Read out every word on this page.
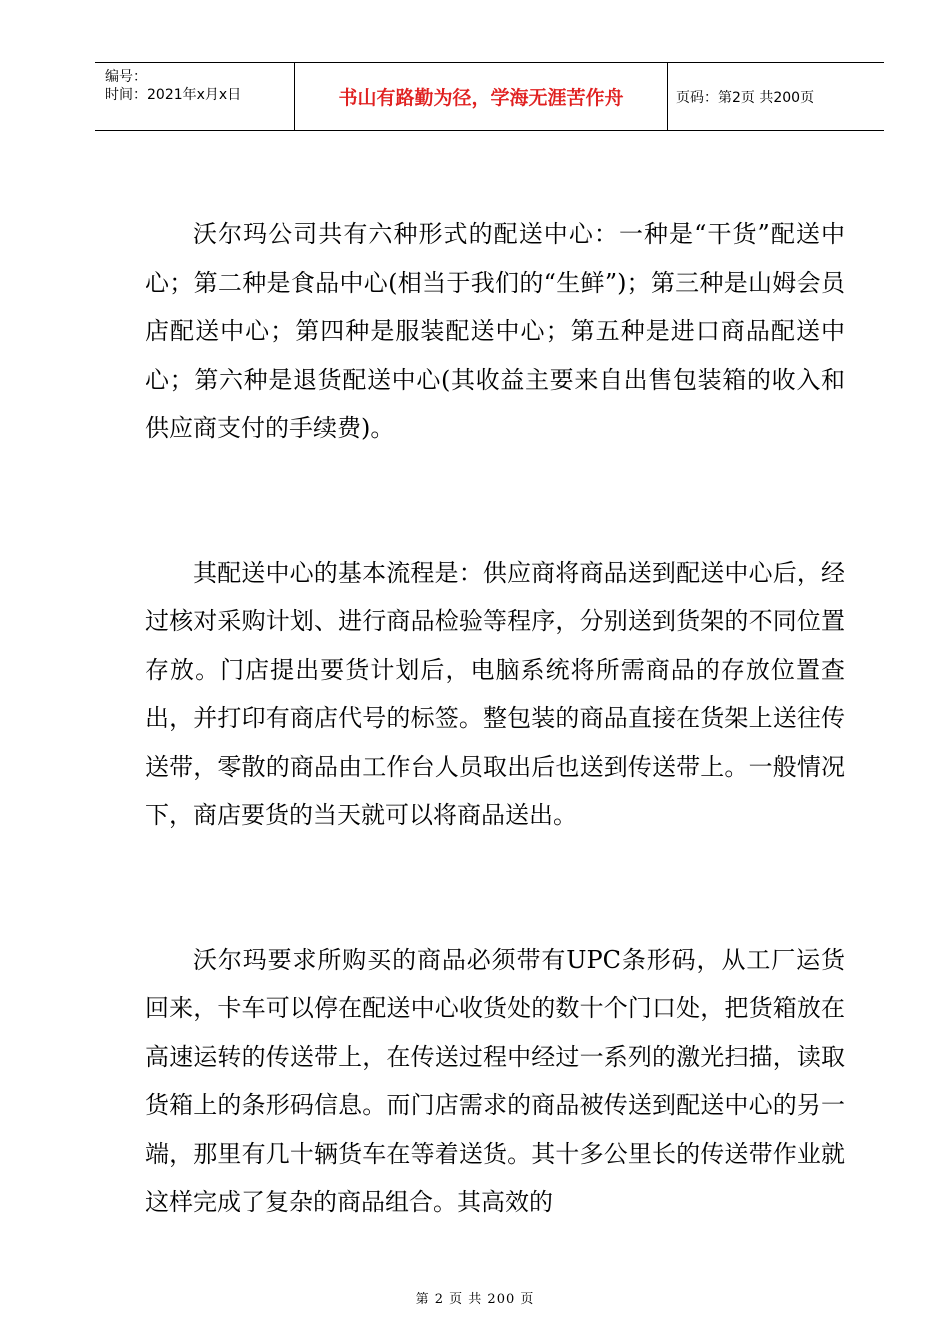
编号：
时间：2021年x月x日	书山有路勤为径，学海无涯苦作舟	页码：第2页 共200页

沃尔玛公司共有六种形式的配送中心：一种是“干货”配送中心；第二种是食品中心(相当于我们的“生鲜”)；第三种是山姆会员店配送中心；第四种是服装配送中心；第五种是进口商品配送中心；第六种是退货配送中心(其收益主要来自出售包装箱的收入和供应商支付的手续费)。

其配送中心的基本流程是：供应商将商品送到配送中心后，经过核对采购计划、进行商品检验等程序，分别送到货架的不同位置存放。门店提出要货计划后，电脑系统将所需商品的存放位置查出，并打印有商店代号的标签。整包装的商品直接在货架上送往传送带，零散的商品由工作台人员取出后也送到传送带上。一般情况下，商店要货的当天就可以将商品送出。

沃尔玛要求所购买的商品必须带有UPC条形码，从工厂运货回来，卡车可以停在配送中心收货处的数十个门口处，把货箱放在高速运转的传送带上，在传送过程中经过一系列的激光扫描，读取货箱上的条形码信息。而门店需求的商品被传送到配送中心的另一端，那里有几十辆货车在等着送货。其十多公里长的传送带作业就这样完成了复杂的商品组合。其高效的

第 2 页 共 200 页
